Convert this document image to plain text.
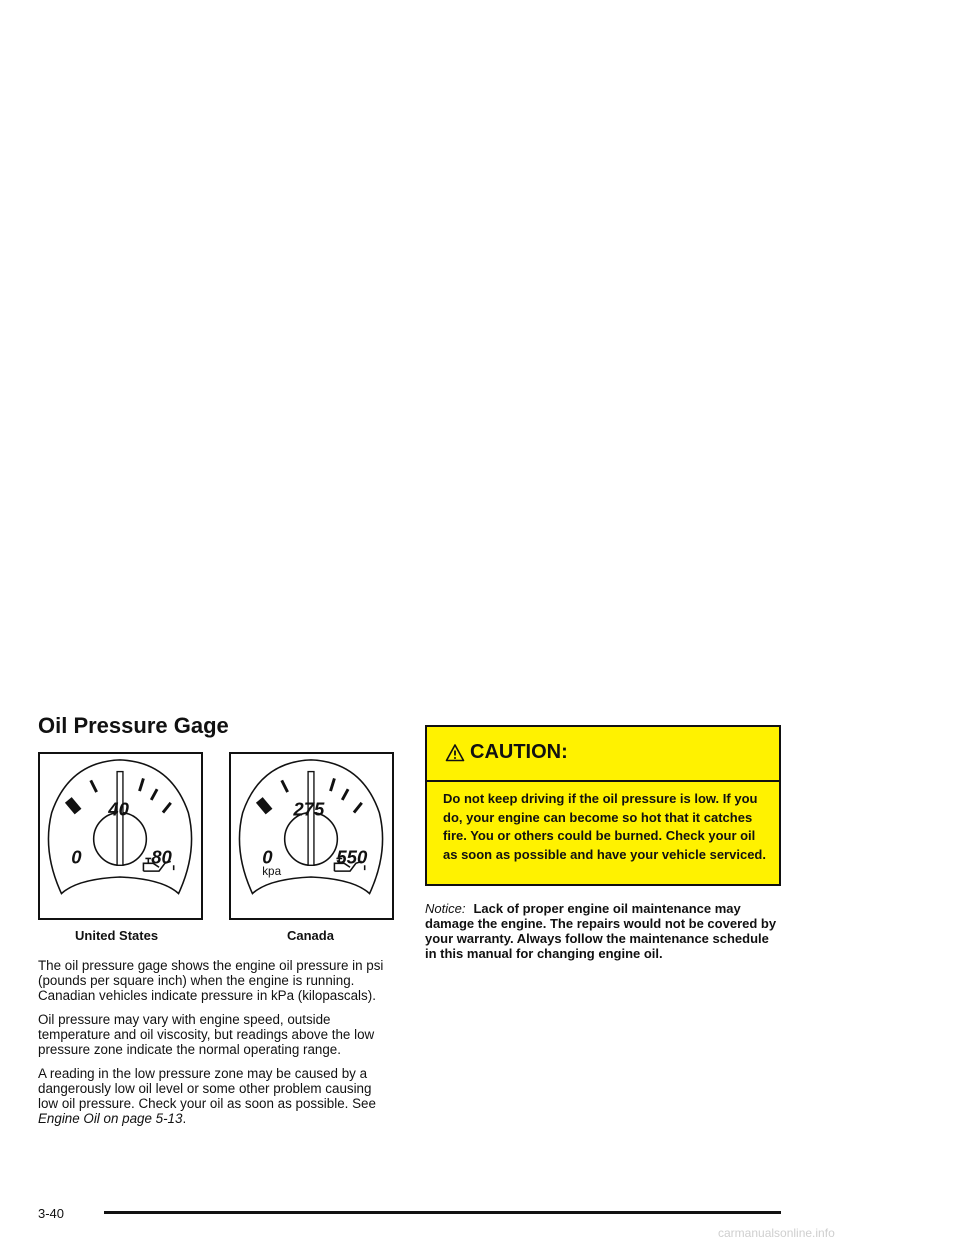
Oil Pressure Gage
0
40
80	0
275
550
kpa
United States	Canada

The oil pressure gage shows the engine oil pressure in psi (pounds per square inch) when the engine is running. Canadian vehicles indicate pressure in kPa (kilopascals).

Oil pressure may vary with engine speed, outside temperature and oil viscosity, but readings above the low pressure zone indicate the normal operating range.

A reading in the low pressure zone may be caused by a dangerously low oil level or some other problem causing low oil pressure. Check your oil as soon as possible. See Engine Oil on page 5-13.

CAUTION:

Do not keep driving if the oil pressure is low. If you do, your engine can become so hot that it catches fire. You or others could be burned. Check your oil as soon as possible and have your vehicle serviced.

Notice: Lack of proper engine oil maintenance may damage the engine. The repairs would not be covered by your warranty. Always follow the maintenance schedule in this manual for changing engine oil.

3-40
carmanualsonline.info
